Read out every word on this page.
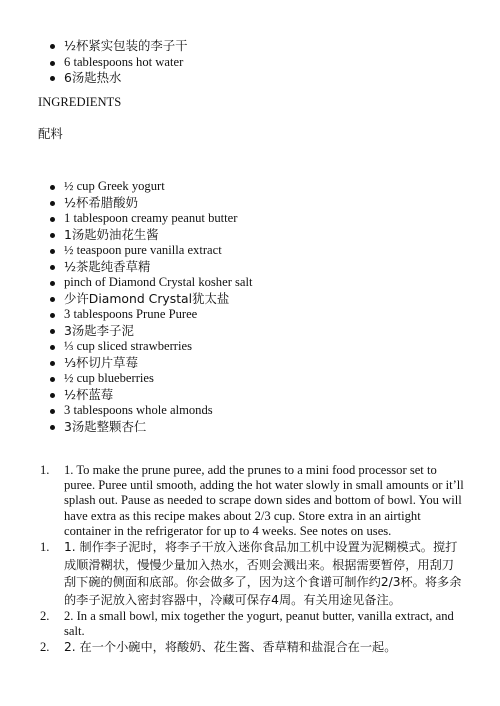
½杯紧实包装的李子干
6 tablespoons hot water
6汤匙热水
INGREDIENTS
配料
½ cup Greek yogurt
½杯希腊酸奶
1 tablespoon creamy peanut butter
1汤匙奶油花生酱
½ teaspoon pure vanilla extract
½茶匙纯香草精
pinch of Diamond Crystal kosher salt
少许Diamond Crystal犹太盐
3 tablespoons Prune Puree
3汤匙李子泥
⅓ cup sliced strawberries
⅓杯切片草莓
½ cup blueberries
½杯蓝莓
3 tablespoons whole almonds
3汤匙整颗杏仁
1. 1. To make the prune puree, add the prunes to a mini food processor set to puree. Puree until smooth, adding the hot water slowly in small amounts or it’ll splash out. Pause as needed to scrape down sides and bottom of bowl. You will have extra as this recipe makes about 2/3 cup. Store extra in an airtight container in the refrigerator for up to 4 weeks. See notes on uses.
1. 1. 制作李子泥时，将李子干放入迷你食品加工机中设置为泥糊模式。搅打成顺滑糊状，慢慢少量加入热水，否则会溅出来。根据需要暂停，用刮刀刮下碗的侧面和底部。你会做多了，因为这个食谱可制作约2/3杯。将多余的李子泥放入密封容器中，冷藏可保存4周。有关用途见备注。
2. 2. In a small bowl, mix together the yogurt, peanut butter, vanilla extract, and salt.
2. 2. 在一个小碗中，将酸奶、花生酱、香草精和盐混合在一起。
